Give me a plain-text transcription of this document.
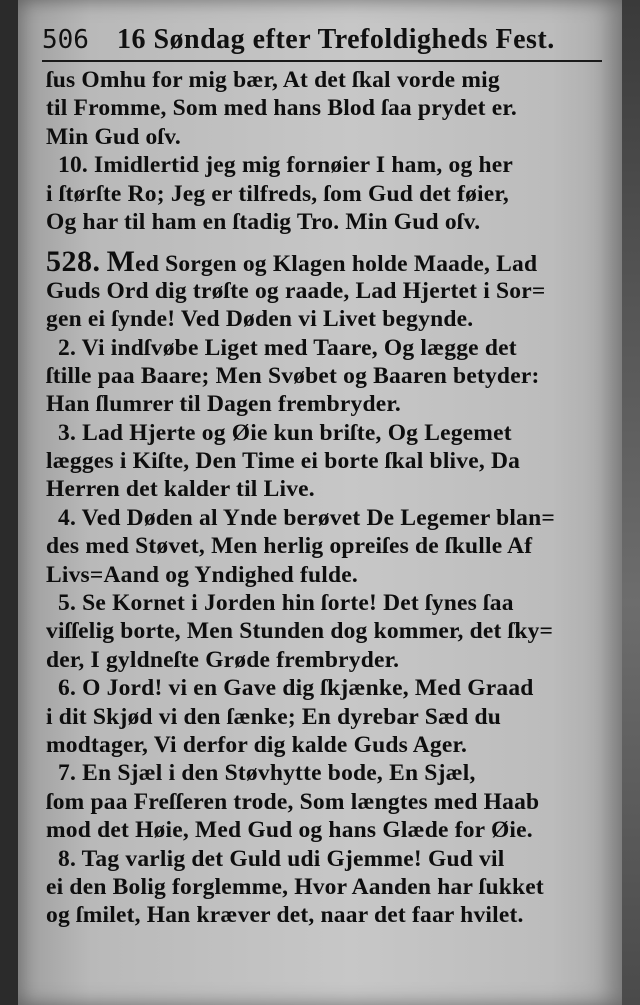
506 16 Søndag efter Trefoldigheds Fest.
ſus Omhu for mig bær, At det ſkal vorde mig
til Fromme, Som med hans Blod ſaa prydet er.
Min Gud oſv.
10. Imidlertid jeg mig fornøier I ham, og her
i ſtørſte Ro; Jeg er tilfreds, ſom Gud det føier,
Og har til ham en ſtadig Tro. Min Gud oſv.
528. Med Sorgen og Klagen holde Maade, Lad
Guds Ord dig trøſte og raade, Lad Hjertet i Sor=
gen ei ſynde! Ved Døden vi Livet begynde.
2. Vi indſvøbe Liget med Taare, Og lægge det
ſtille paa Baare; Men Svøbet og Baaren betyder:
Han ſlumrer til Dagen frembryder.
3. Lad Hjerte og Øie kun briſte, Og Legemet
lægges i Kiſte, Den Time ei borte ſkal blive, Da
Herren det kalder til Live.
4. Ved Døden al Ynde berøvet De Legemer blan=
des med Støvet, Men herlig opreiſes de ſkulle Af
Livs=Aand og Yndighed fulde.
5. Se Kornet i Jorden hin ſorte! Det ſynes ſaa
viſſelig borte, Men Stunden dog kommer, det ſky=
der, I gyldneſte Grøde frembryder.
6. O Jord! vi en Gave dig ſkjænke, Med Graad
i dit Skjød vi den ſænke; En dyrebar Sæd du
modtager, Vi derfor dig kalde Guds Ager.
7. En Sjæl i den Støvhytte bode, En Sjæl,
ſom paa Freſſeren trode, Som længtes med Haab
mod det Høie, Med Gud og hans Glæde for Øie.
8. Tag varlig det Guld udi Gjemme! Gud vil
ei den Bolig forglemme, Hvor Aanden har ſukket
og ſmilet, Han kræver det, naar det faar hvilet.
